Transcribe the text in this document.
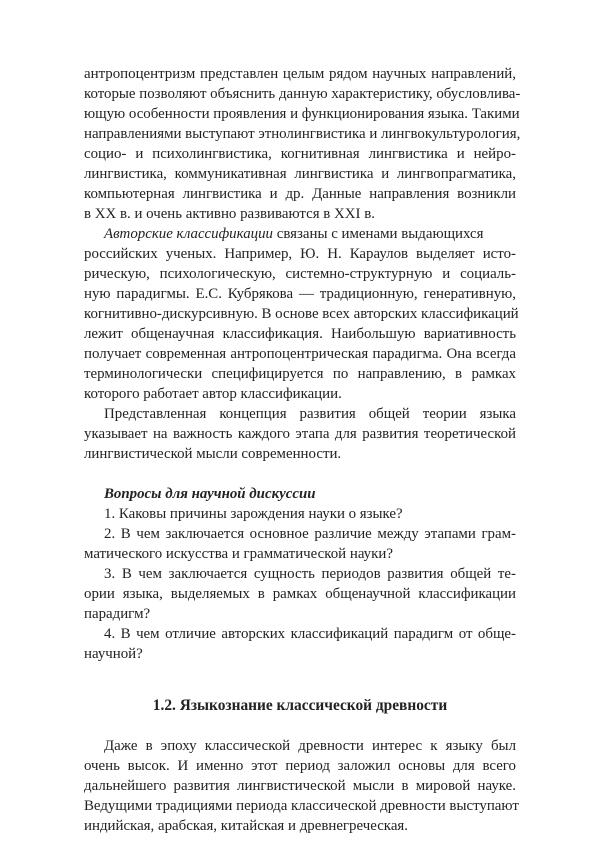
антропоцентризм представлен целым рядом научных направлений,
которые позволяют объяснить данную характеристику, обусловлива-
ющую особенности проявления и функционирования языка. Такими
направлениями выступают этнолингвистика и лингвокультурология,
социо- и психолингвистика, когнитивная лингвистика и нейро-
лингвистика, коммуникативная лингвистика и лингвопрагматика,
компьютерная лингвистика и др. Данные направления возникли
в ХХ в. и очень активно развиваются в ХХI в.
Авторские классификации связаны с именами выдающихся
российских ученых. Например, Ю. Н. Караулов выделяет исто-
рическую, психологическую, системно-структурную и социаль-
ную парадигмы. Е.С. Кубрякова — традиционную, генеративную,
когнитивно-дискурсивную. В основе всех авторских классификаций
лежит общенаучная классификация. Наибольшую вариативность
получает современная антропоцентрическая парадигма. Она всегда
терминологически специфицируется по направлению, в рамках
которого работает автор классификации.
Представленная концепция развития общей теории языка
указывает на важность каждого этапа для развития теоретической
лингвистической мысли современности.
Вопросы для научной дискуссии
1. Каковы причины зарождения науки о языке?
2. В чем заключается основное различие между этапами грам-
матического искусства и грамматической науки?
3. В чем заключается сущность периодов развития общей те-
ории языка, выделяемых в рамках общенаучной классификации
парадигм?
4. В чем отличие авторских классификаций парадигм от обще-
научной?
1.2. Языкознание классической древности
Даже в эпоху классической древности интерес к языку был
очень высок. И именно этот период заложил основы для всего
дальнейшего развития лингвистической мысли в мировой науке.
Ведущими традициями периода классической древности выступают
индийская, арабская, китайская и древнегреческая.
